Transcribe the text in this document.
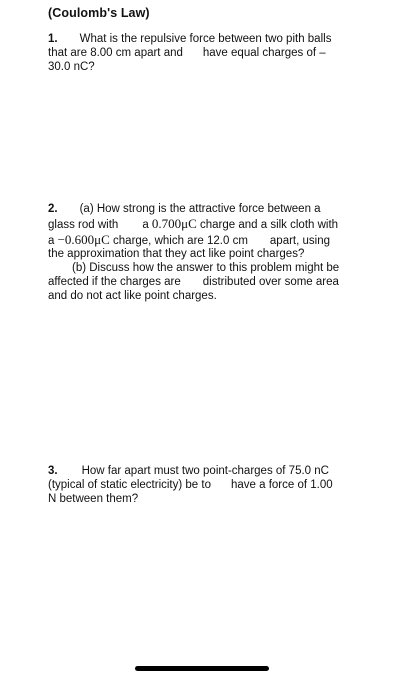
(Coulomb's Law)
1. What is the repulsive force between two pith balls
that are 8.00 cm apart and have equal charges of –
30.0 nC?
2. (a) How strong is the attractive force between a
glass rod with a 0.700μC charge and a silk cloth with
a −0.600μC charge, which are 12.0 cm apart, using
the approximation that they act like point charges?
(b) Discuss how the answer to this problem might be
affected if the charges are distributed over some area
and do not act like point charges.
3. How far apart must two point-charges of 75.0 nC
(typical of static electricity) be to have a force of 1.00
N between them?
